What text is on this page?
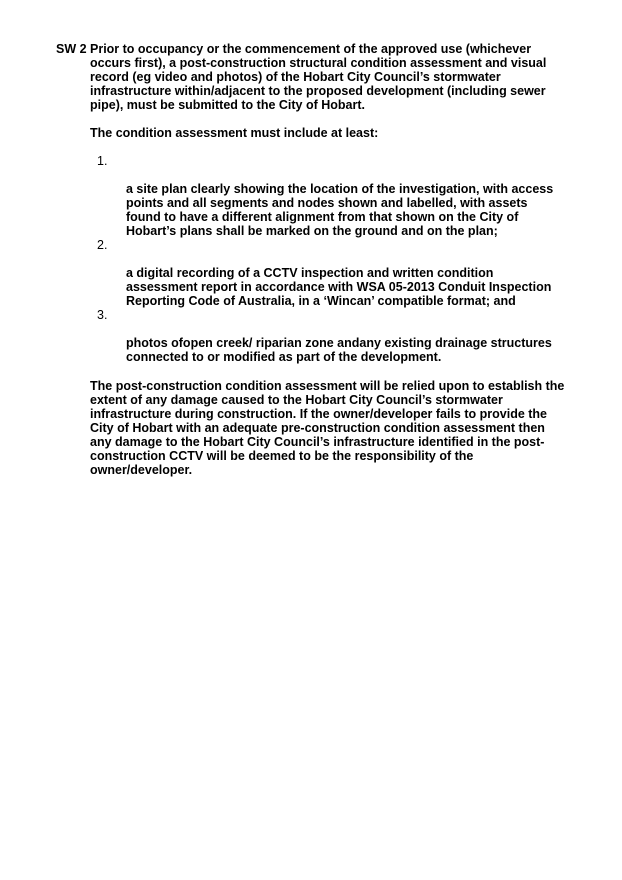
SW 2 Prior to occupancy or the commencement of the approved use (whichever
occurs first), a post-construction structural condition assessment and visual
record (eg video and photos) of the Hobart City Council’s stormwater
infrastructure within/adjacent to the proposed development (including sewer
pipe), must be submitted to the City of Hobart.

The condition assessment must include at least:

1.

a site plan clearly showing the location of the investigation, with access
points and all segments and nodes shown and labelled, with assets
found to have a different alignment from that shown on the City of
Hobart’s plans shall be marked on the ground and on the plan;

2.

a digital recording of a CCTV inspection and written condition
assessment report in accordance with WSA 05-2013 Conduit Inspection
Reporting Code of Australia, in a ‘Wincan’ compatible format; and

3.

photos ofopen creek/ riparian zone andany existing drainage structures
connected to or modified as part of the development.

The post-construction condition assessment will be relied upon to establish the
extent of any damage caused to the Hobart City Council’s stormwater
infrastructure during construction. If the owner/developer fails to provide the
City of Hobart with an adequate pre-construction condition assessment then
any damage to the Hobart City Council’s infrastructure identified in the post-
construction CCTV will be deemed to be the responsibility of the
owner/developer.
